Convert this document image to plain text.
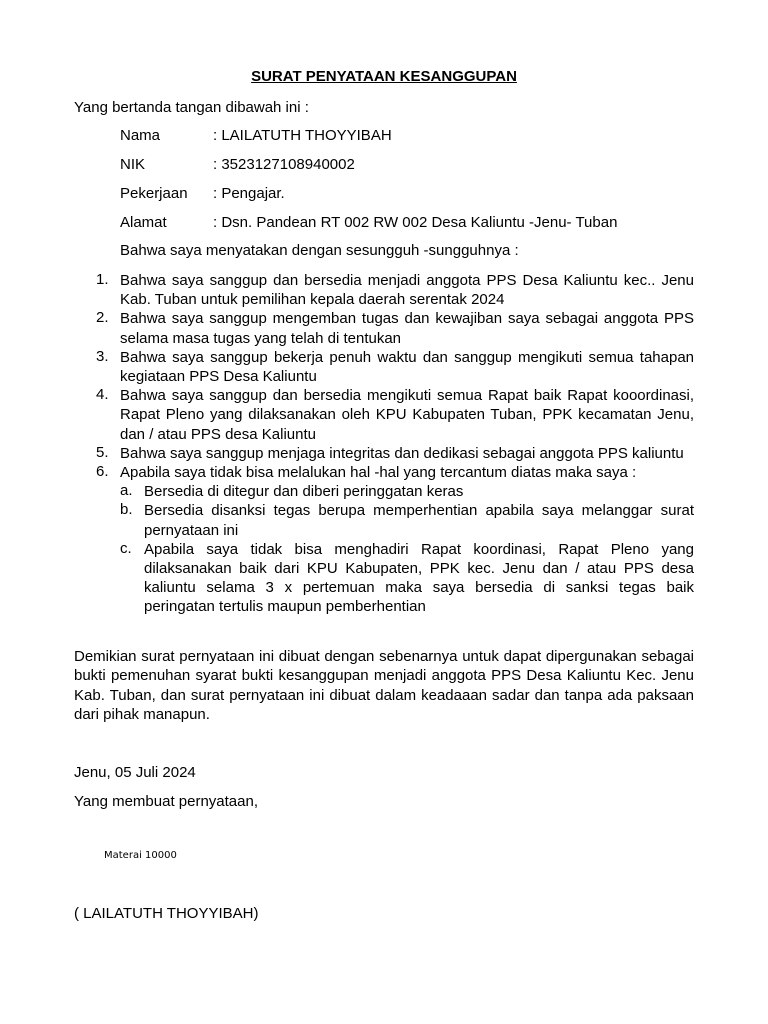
SURAT PENYATAAN KESANGGUPAN
Yang bertanda tangan dibawah ini :
Nama	: LAILATUTH THOYYIBAH
NIK	: 3523127108940002
Pekerjaan : Pengajar.
Alamat	: Dsn. Pandean RT 002 RW 002 Desa Kaliuntu -Jenu- Tuban
Bahwa saya menyatakan dengan sesungguh -sungguhnya :
1. Bahwa saya sanggup dan bersedia menjadi anggota PPS Desa Kaliuntu kec.. Jenu Kab. Tuban untuk pemilihan kepala daerah serentak 2024
2. Bahwa saya sanggup mengemban tugas dan kewajiban saya sebagai anggota PPS selama masa tugas yang telah di tentukan
3. Bahwa saya sanggup bekerja penuh waktu dan sanggup mengikuti semua tahapan kegiataan PPS Desa Kaliuntu
4. Bahwa saya sanggup dan bersedia mengikuti semua Rapat baik Rapat kooordinasi, Rapat Pleno yang dilaksanakan oleh KPU Kabupaten Tuban, PPK kecamatan Jenu, dan / atau PPS desa Kaliuntu
5. Bahwa saya sanggup menjaga integritas dan dedikasi sebagai anggota PPS kaliuntu
6. Apabila saya tidak bisa melalukan hal -hal yang tercantum diatas maka saya :
a. Bersedia di ditegur dan diberi peringgatan keras
b. Bersedia disanksi tegas berupa memperhentian apabila saya melanggar surat pernyataan ini
c. Apabila saya tidak bisa menghadiri Rapat koordinasi, Rapat Pleno yang dilaksanakan baik dari KPU Kabupaten, PPK kec. Jenu dan / atau PPS desa kaliuntu selama 3 x pertemuan maka saya bersedia di sanksi tegas baik peringatan tertulis maupun pemberhentian
Demikian surat pernyataan ini dibuat dengan sebenarnya untuk dapat dipergunakan sebagai bukti pemenuhan syarat bukti kesanggupan menjadi anggota PPS Desa Kaliuntu Kec. Jenu Kab. Tuban, dan surat pernyataan ini dibuat dalam keadaaan sadar dan tanpa ada paksaan dari pihak manapun.
Jenu, 05 Juli 2024
Yang membuat pernyataan,
Materai 10000
( LAILATUTH THOYYIBAH)
